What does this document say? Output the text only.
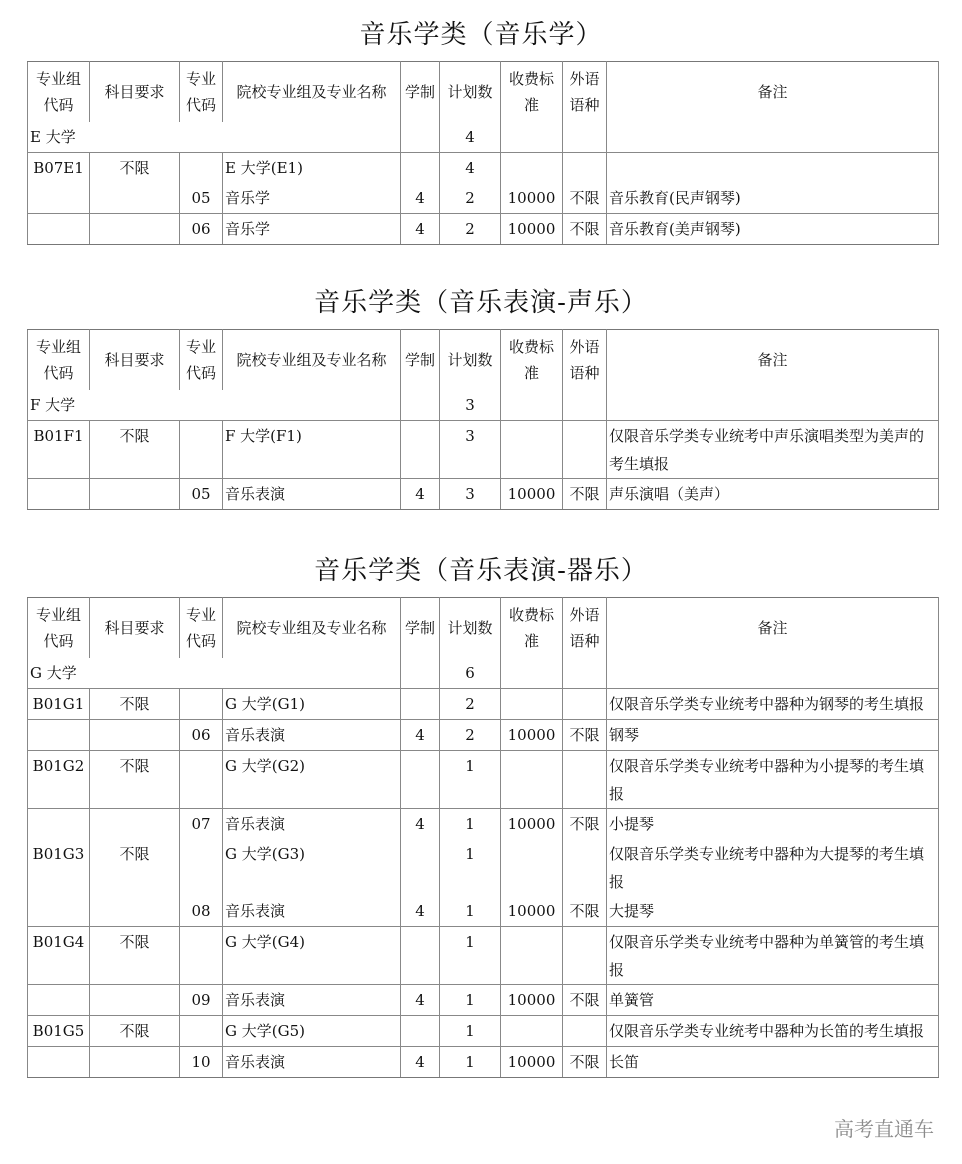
音乐学类（音乐学）
专业组代码	科目要求	专业代码	院校专业组及专业名称	学制	计划数	收费标准	外语语种	备注
E 大学					4			
B07E1	不限		E 大学(E1)		4			
		05	音乐学	4	2	10000	不限	音乐教育(民声钢琴)
		06	音乐学	4	2	10000	不限	音乐教育(美声钢琴)
音乐学类（音乐表演-声乐）
专业组代码	科目要求	专业代码	院校专业组及专业名称	学制	计划数	收费标准	外语语种	备注
F 大学					3			
B01F1	不限		F 大学(F1)		3			仅限音乐学类专业统考中声乐演唱类型为美声的考生填报
		05	音乐表演	4	3	10000	不限	声乐演唱（美声）
音乐学类（音乐表演-器乐）
专业组代码	科目要求	专业代码	院校专业组及专业名称	学制	计划数	收费标准	外语语种	备注
G 大学					6			
B01G1	不限		G 大学(G1)		2			仅限音乐学类专业统考中器种为钢琴的考生填报
		06	音乐表演	4	2	10000	不限	钢琴
B01G2	不限		G 大学(G2)		1			仅限音乐学类专业统考中器种为小提琴的考生填报
		07	音乐表演	4	1	10000	不限	小提琴
B01G3	不限		G 大学(G3)		1			仅限音乐学类专业统考中器种为大提琴的考生填报
		08	音乐表演	4	1	10000	不限	大提琴
B01G4	不限		G 大学(G4)		1			仅限音乐学类专业统考中器种为单簧管的考生填报
		09	音乐表演	4	1	10000	不限	单簧管
B01G5	不限		G 大学(G5)		1			仅限音乐学类专业统考中器种为长笛的考生填报
		10	音乐表演	4	1	10000	不限	长笛
高考直通车
